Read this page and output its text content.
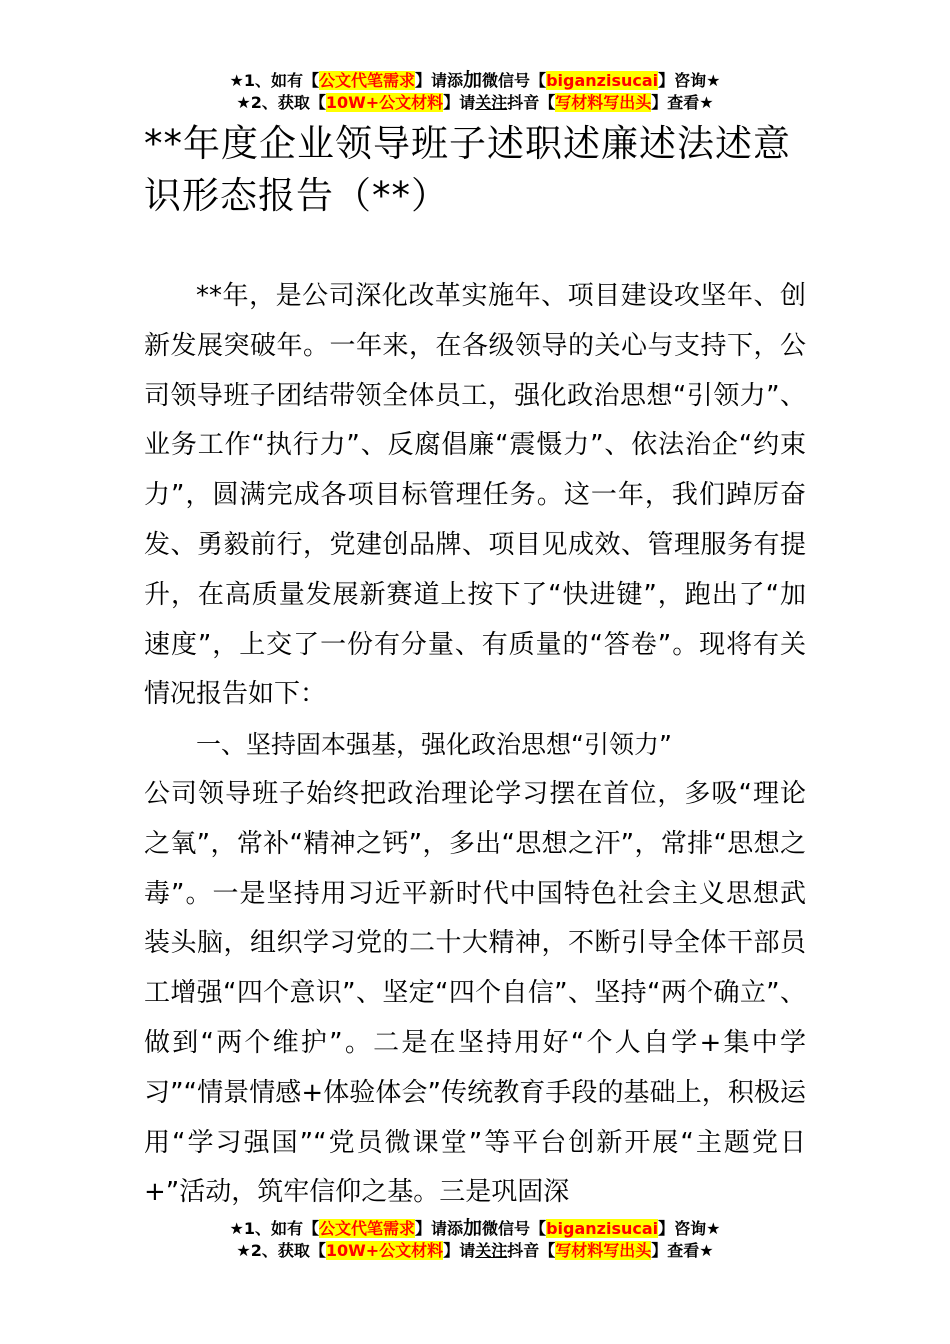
★1、如有【公文代笔需求】请添加微信号【biganzisucai】咨询★
★2、获取【10W+公文材料】请关注抖音【写材料写出头】查看★
**年度企业领导班子述职述廉述法述意识形态报告（**）

**年，是公司深化改革实施年、项目建设攻坚年、创新发展突破年。一年来，在各级领导的关心与支持下，公司领导班子团结带领全体员工，强化政治思想“引领力”、业务工作“执行力”、反腐倡廉“震慑力”、依法治企“约束力”，圆满完成各项目标管理任务。这一年，我们踔厉奋发、勇毅前行，党建创品牌、项目见成效、管理服务有提升，在高质量发展新赛道上按下了“快进键”，跑出了“加速度”，上交了一份有分量、有质量的“答卷”。现将有关情况报告如下：

一、坚持固本强基，强化政治思想“引领力”

公司领导班子始终把政治理论学习摆在首位，多吸“理论之氧”，常补“精神之钙”，多出“思想之汗”，常排“思想之毒”。一是坚持用习近平新时代中国特色社会主义思想武装头脑，组织学习党的二十大精神，不断引导全体干部员工增强“四个意识”、坚定“四个自信”、坚持“两个确立”、做到“两个维护”。二是在坚持用好“个人自学+集中学习”“情景情感+体验体会”传统教育手段的基础上，积极运用“学习强国”“党员微课堂”等平台创新开展“主题党日+”活动，筑牢信仰之基。三是巩固深

★1、如有【公文代笔需求】请添加微信号【biganzisucai】咨询★
★2、获取【10W+公文材料】请关注抖音【写材料写出头】查看★
